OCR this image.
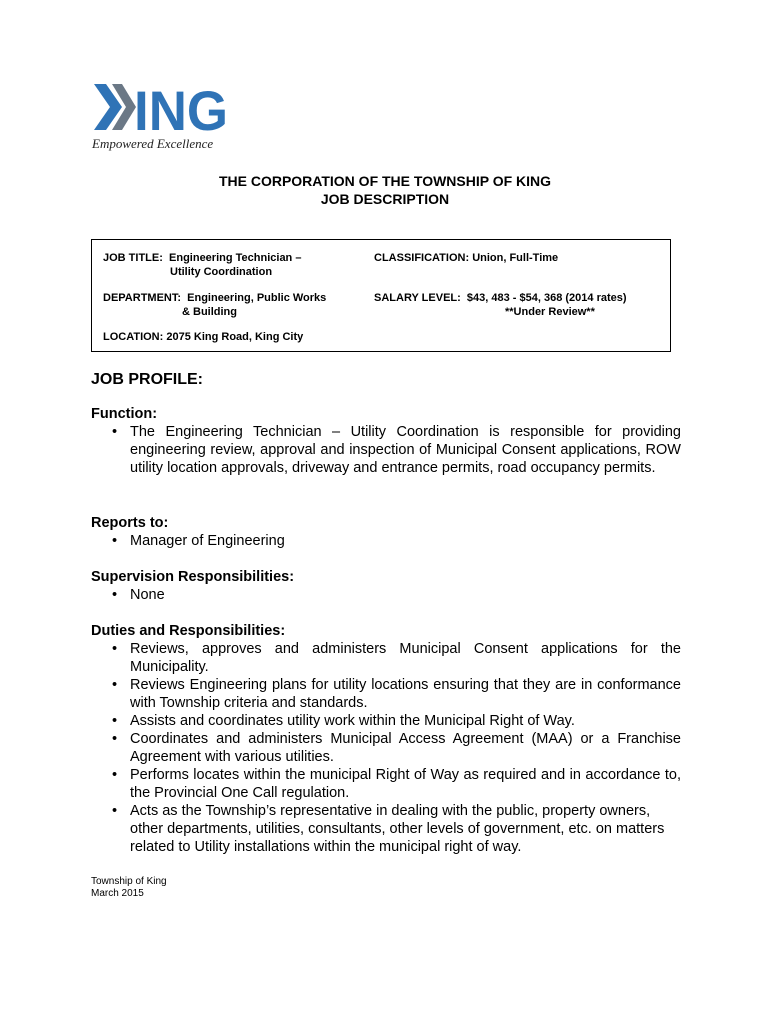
ING
Empowered Excellence
THE CORPORATION OF THE TOWNSHIP OF KING
JOB DESCRIPTION
JOB TITLE: Engineering Technician –
Utility Coordination
CLASSIFICATION: Union, Full-Time
DEPARTMENT: Engineering, Public Works
& Building
SALARY LEVEL: $43, 483 - $54, 368 (2014 rates)
**Under Review**
LOCATION: 2075 King Road, King City
JOB PROFILE:
Function:
• The Engineering Technician – Utility Coordination is responsible for providing engineering review, approval and inspection of Municipal Consent applications, ROW utility location approvals, driveway and entrance permits, road occupancy permits.
Reports to:
• Manager of Engineering
Supervision Responsibilities:
• None
Duties and Responsibilities:
• Reviews, approves and administers Municipal Consent applications for the Municipality.
• Reviews Engineering plans for utility locations ensuring that they are in conformance with Township criteria and standards.
• Assists and coordinates utility work within the Municipal Right of Way.
• Coordinates and administers Municipal Access Agreement (MAA) or a Franchise Agreement with various utilities.
• Performs locates within the municipal Right of Way as required and in accordance to, the Provincial One Call regulation.
• Acts as the Township’s representative in dealing with the public, property owners, other departments, utilities, consultants, other levels of government, etc. on matters related to Utility installations within the municipal right of way.
Township of King
March 2015
